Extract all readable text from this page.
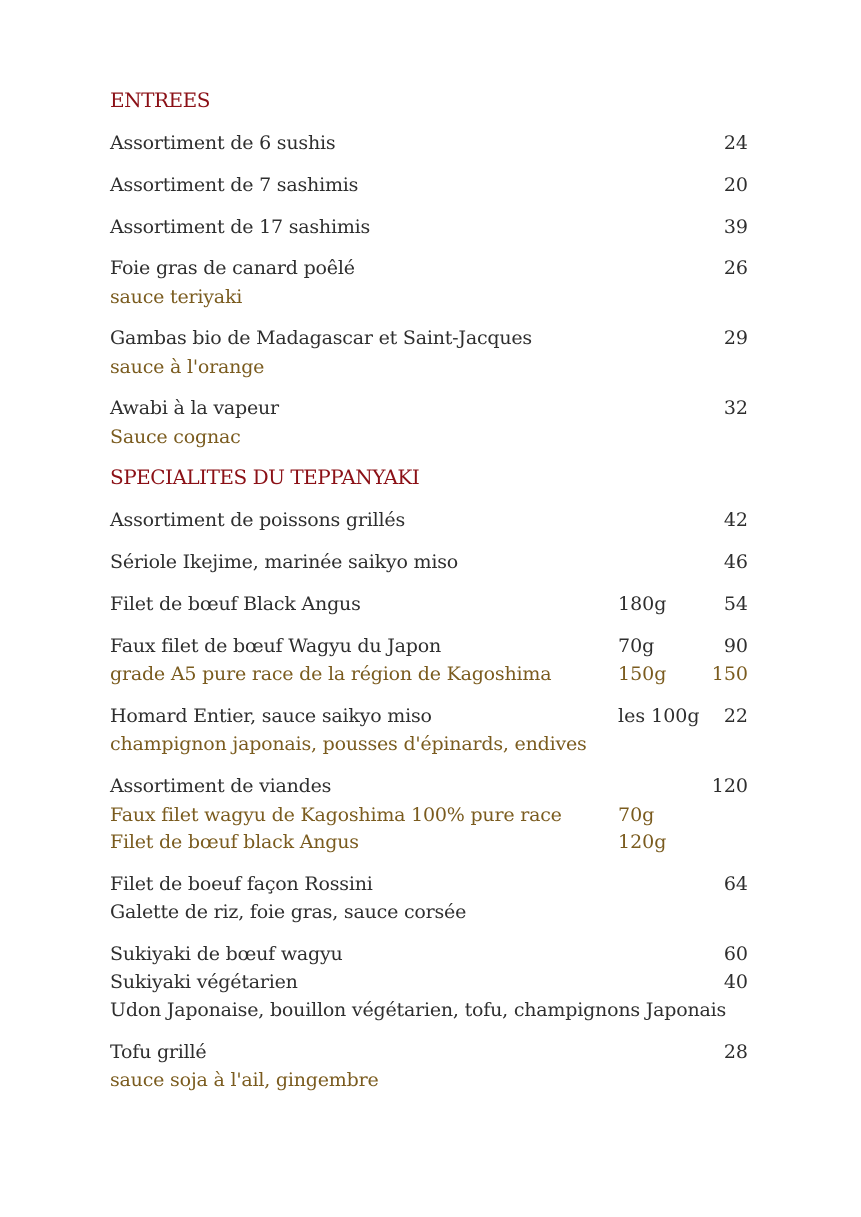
ENTREES
Assortiment de 6 sushis	24
Assortiment de 7 sashimis	20
Assortiment de 17 sashimis	39
Foie gras de canard poêlé	26
sauce teriyaki
Gambas bio de Madagascar et Saint-Jacques	29
sauce à l'orange
Awabi à la vapeur	32
Sauce cognac
SPECIALITES DU TEPPANYAKI
Assortiment de poissons grillés	42
Sériole Ikejime, marinée saikyo miso	46
Filet de bœuf Black Angus	180g	54
Faux filet de bœuf Wagyu du Japon	70g	90
grade A5 pure race de la région de Kagoshima	150g 150
Homard Entier, sauce saikyo miso	les 100g 22
champignon japonais, pousses d'épinards, endives
Assortiment de viandes	120
Faux filet wagyu de Kagoshima 100% pure race	70g
Filet de bœuf black Angus	120g
Filet de boeuf façon Rossini	64
Galette de riz, foie gras, sauce corsée
Sukiyaki de bœuf wagyu	60
Sukiyaki végétarien	40
Udon Japonaise, bouillon végétarien, tofu, champignons Japonais
Tofu grillé	28
sauce soja à l'ail, gingembre
